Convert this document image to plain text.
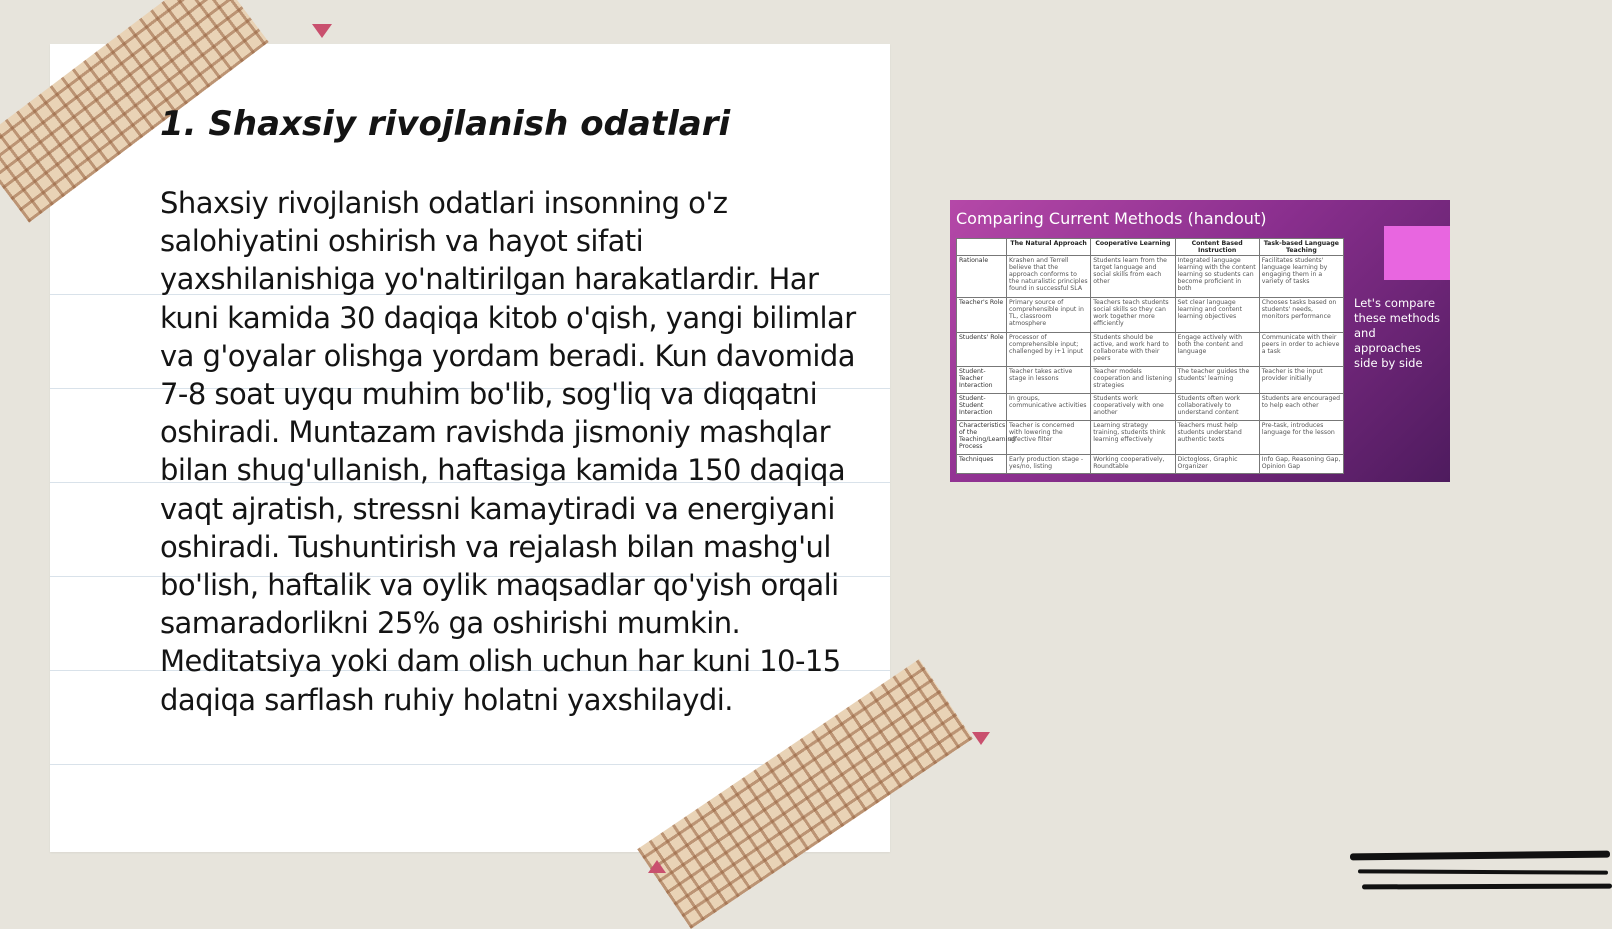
1. Shaxsiy rivojlanish odatlari

Shaxsiy rivojlanish odatlari insonning o'z salohiyatini oshirish va hayot sifati yaxshilanishiga yo'naltirilgan harakatlardir. Har kuni kamida 30 daqiqa kitob o'qish, yangi bilimlar va g'oyalar olishga yordam beradi. Kun davomida 7-8 soat uyqu muhim bo'lib, sog'liq va diqqatni oshiradi. Muntazam ravishda jismoniy mashqlar bilan shug'ullanish, haftasiga kamida 150 daqiqa vaqt ajratish, stressni kamaytiradi va energiyani oshiradi. Tushuntirish va rejalash bilan mashg'ul bo'lish, haftalik va oylik maqsadlar qo'yish orqali samaradorlikni 25% ga oshirishi mumkin. Meditatsiya yoki dam olish uchun har kuni 10-15 daqiqa sarflash ruhiy holatni yaxshilaydi.

Comparing Current Methods (handout)
Let's compare these methods and approaches side by side
	The Natural Approach	Cooperative Learning	Content Based Instruction	Task-based Language Teaching
Rationale	Krashen and Terrell believe that the approach conforms to the naturalistic principles found in successful SLA	Students learn from the target language and social skills from each other	Integrated language learning with the content learning so students can become proficient in both	Facilitates students' language learning by engaging them in a variety of tasks
Teacher's Role	Primary source of comprehensible input in TL, classroom atmosphere	Teachers teach students social skills so they can work together more efficiently	Set clear language learning and content learning objectives	Chooses tasks based on students' needs, monitors performance
Students' Role	Processor of comprehensible input; challenged by i+1 input	Students should be active, and work hard to collaborate with their peers	Engage actively with both the content and language	Communicate with their peers in order to achieve a task
Student-Teacher Interaction	Teacher takes active stage in lessons	Teacher models cooperation and listening strategies	The teacher guides the students' learning	Teacher is the input provider initially
Student-Student Interaction	In groups, communicative activities	Students work cooperatively with one another	Students often work collaboratively to understand content	Students are encouraged to help each other
Characteristics of the Teaching/Learning Process	Teacher is concerned with lowering the affective filter	Learning strategy training, students think learning effectively	Teachers must help students understand authentic texts	Pre-task, introduces language for the lesson
Techniques	Early production stage - yes/no, listing	Working cooperatively, Roundtable	Dictogloss, Graphic Organizer	Info Gap, Reasoning Gap, Opinion Gap
